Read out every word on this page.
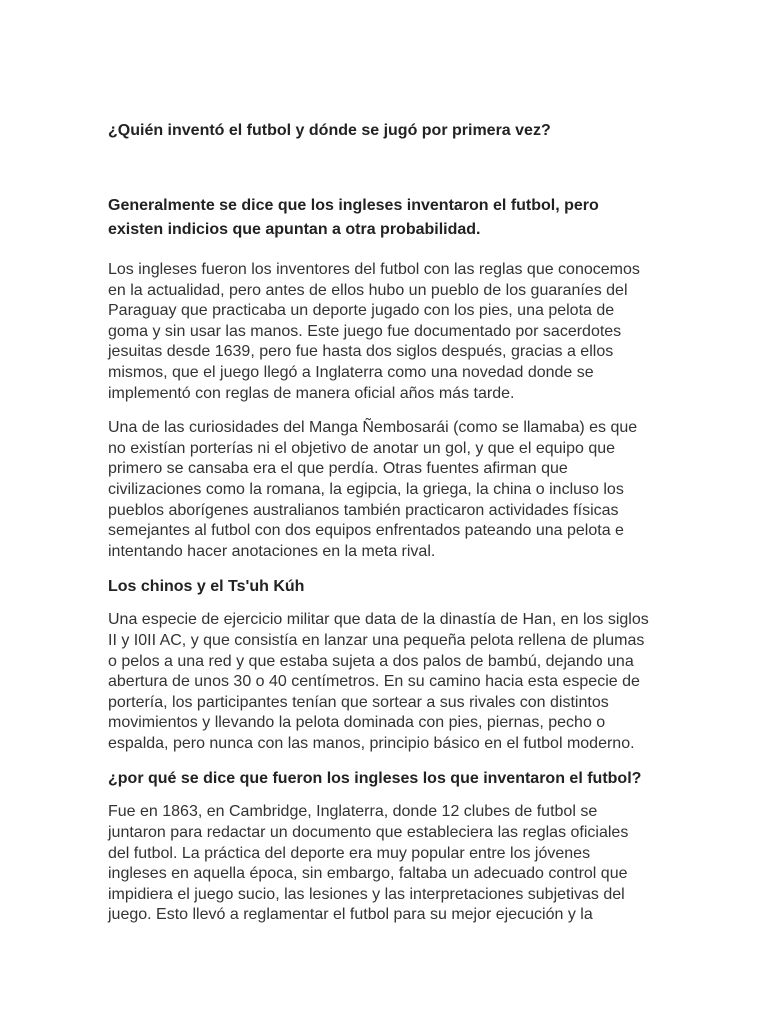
¿Quién inventó el futbol y dónde se jugó por primera vez?
Generalmente se dice que los ingleses inventaron el futbol, pero
existen indicios que apuntan a otra probabilidad.
Los ingleses fueron los inventores del futbol con las reglas que conocemos
en la actualidad, pero antes de ellos hubo un pueblo de los guaraníes del
Paraguay que practicaba un deporte jugado con los pies, una pelota de
goma y sin usar las manos. Este juego fue documentado por sacerdotes
jesuitas desde 1639, pero fue hasta dos siglos después, gracias a ellos
mismos, que el juego llegó a Inglaterra como una novedad donde se
implementó con reglas de manera oficial años más tarde.
Una de las curiosidades del Manga Ñembosarái (como se llamaba) es que
no existían porterías ni el objetivo de anotar un gol, y que el equipo que
primero se cansaba era el que perdía. Otras fuentes afirman que
civilizaciones como la romana, la egipcia, la griega, la china o incluso los
pueblos aborígenes australianos también practicaron actividades físicas
semejantes al futbol con dos equipos enfrentados pateando una pelota e
intentando hacer anotaciones en la meta rival.
Los chinos y el Ts'uh Kúh
Una especie de ejercicio militar que data de la dinastía de Han, en los siglos
II y I0II AC, y que consistía en lanzar una pequeña pelota rellena de plumas
o pelos a una red y que estaba sujeta a dos palos de bambú, dejando una
abertura de unos 30 o 40 centímetros. En su camino hacia esta especie de
portería, los participantes tenían que sortear a sus rivales con distintos
movimientos y llevando la pelota dominada con pies, piernas, pecho o
espalda, pero nunca con las manos, principio básico en el futbol moderno.
¿por qué se dice que fueron los ingleses los que inventaron el futbol?
Fue en 1863, en Cambridge, Inglaterra, donde 12 clubes de futbol se
juntaron para redactar un documento que estableciera las reglas oficiales
del futbol. La práctica del deporte era muy popular entre los jóvenes
ingleses en aquella época, sin embargo, faltaba un adecuado control que
impidiera el juego sucio, las lesiones y las interpretaciones subjetivas del
juego. Esto llevó a reglamentar el futbol para su mejor ejecución y la
